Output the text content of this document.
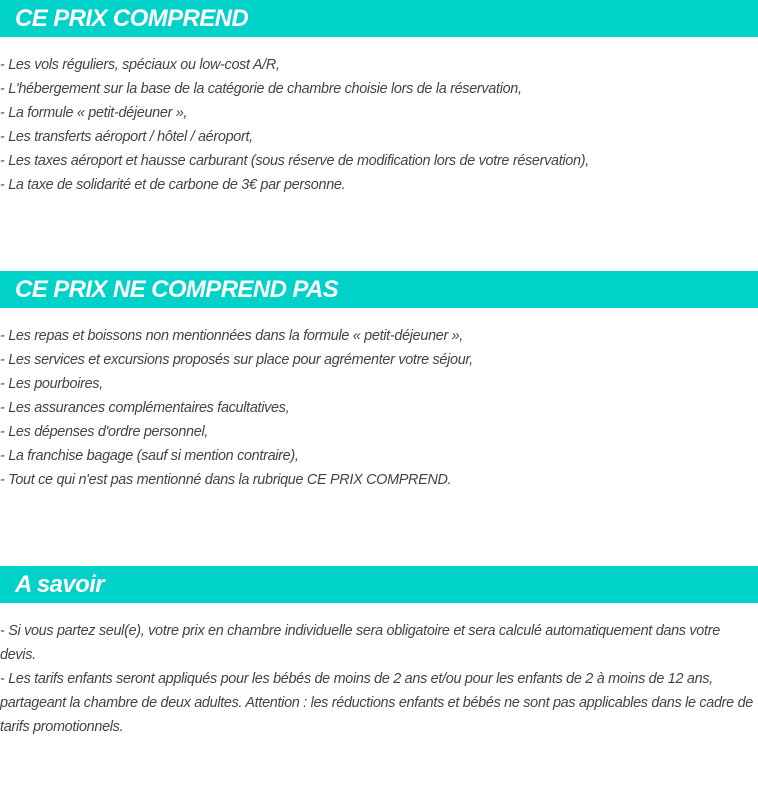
CE PRIX COMPREND
- Les vols réguliers, spéciaux ou low-cost A/R,
- L'hébergement sur la base de la catégorie de chambre choisie lors de la réservation,
- La formule « petit-déjeuner »,
- Les transferts aéroport / hôtel / aéroport,
- Les taxes aéroport et hausse carburant (sous réserve de modification lors de votre réservation),
- La taxe de solidarité et de carbone de 3€ par personne.
CE PRIX NE COMPREND PAS
- Les repas et boissons non mentionnées dans la formule « petit-déjeuner »,
- Les services et excursions proposés sur place pour agrémenter votre séjour,
- Les pourboires,
- Les assurances complémentaires facultatives,
- Les dépenses d'ordre personnel,
- La franchise bagage (sauf si mention contraire),
- Tout ce qui n'est pas mentionné dans la rubrique CE PRIX COMPREND.
A savoir
- Si vous partez seul(e), votre prix en chambre individuelle sera obligatoire et sera calculé automatiquement dans votre devis.
- Les tarifs enfants seront appliqués pour les bébés de moins de 2 ans et/ou pour les enfants de 2 à moins de 12 ans, partageant la chambre de deux adultes. Attention : les réductions enfants et bébés ne sont pas applicables dans le cadre de tarifs promotionnels.
